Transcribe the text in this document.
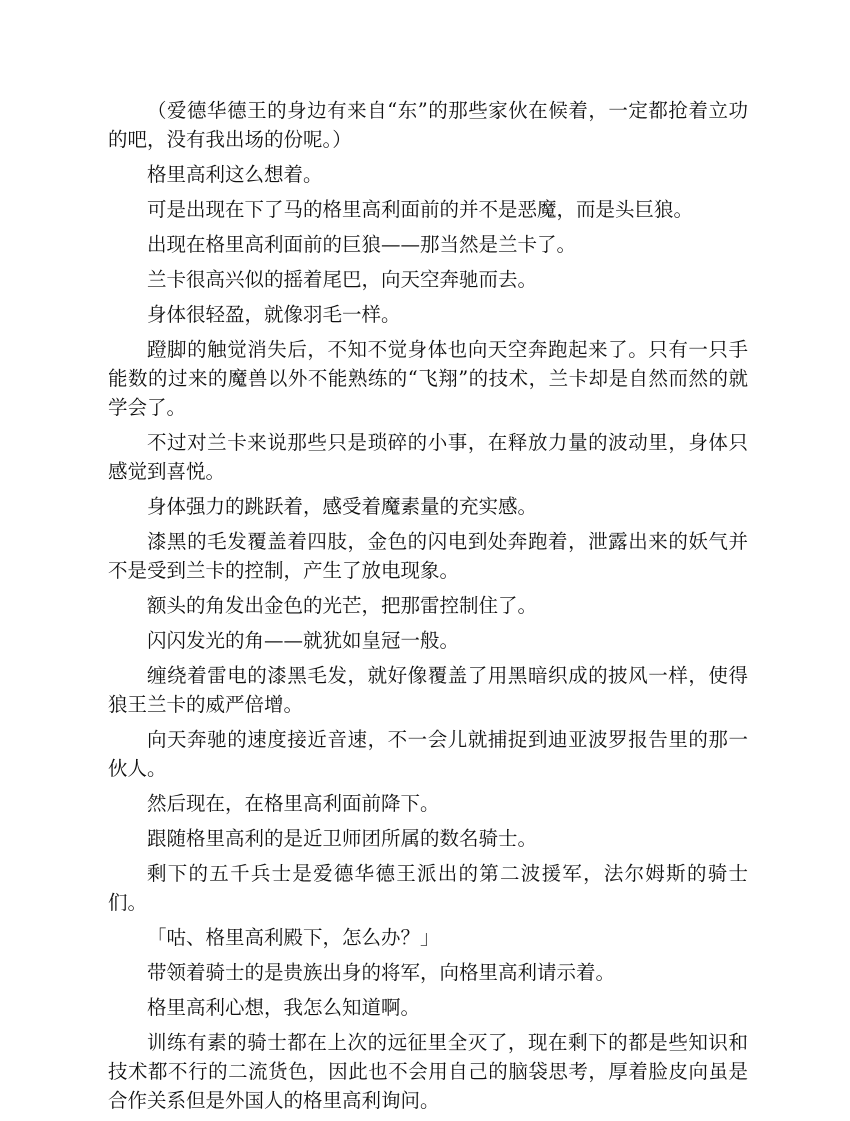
（爱德华德王的身边有来自“东”的那些家伙在候着，一定都抢着立功的吧，没有我出场的份呢。）

格里高利这么想着。

可是出现在下了马的格里高利面前的并不是恶魔，而是头巨狼。

出现在格里高利面前的巨狼——那当然是兰卡了。

兰卡很高兴似的摇着尾巴，向天空奔驰而去。

身体很轻盈，就像羽毛一样。

蹬脚的触觉消失后，不知不觉身体也向天空奔跑起来了。只有一只手能数的过来的魔兽以外不能熟练的“飞翔”的技术，兰卡却是自然而然的就学会了。

不过对兰卡来说那些只是琐碎的小事，在释放力量的波动里，身体只感觉到喜悦。

身体强力的跳跃着，感受着魔素量的充实感。

漆黑的毛发覆盖着四肢，金色的闪电到处奔跑着，泄露出来的妖气并不是受到兰卡的控制，产生了放电现象。

额头的角发出金色的光芒，把那雷控制住了。

闪闪发光的角——就犹如皇冠一般。

缠绕着雷电的漆黑毛发，就好像覆盖了用黑暗织成的披风一样，使得狼王兰卡的威严倍增。

向天奔驰的速度接近音速，不一会儿就捕捉到迪亚波罗报告里的那一伙人。

然后现在，在格里高利面前降下。

跟随格里高利的是近卫师团所属的数名骑士。

剩下的五千兵士是爱德华德王派出的第二波援军，法尔姆斯的骑士们。

「咕、格里高利殿下，怎么办？」

带领着骑士的是贵族出身的将军，向格里高利请示着。

格里高利心想，我怎么知道啊。

训练有素的骑士都在上次的远征里全灭了，现在剩下的都是些知识和技术都不行的二流货色，因此也不会用自己的脑袋思考，厚着脸皮向虽是合作关系但是外国人的格里高利询问。
